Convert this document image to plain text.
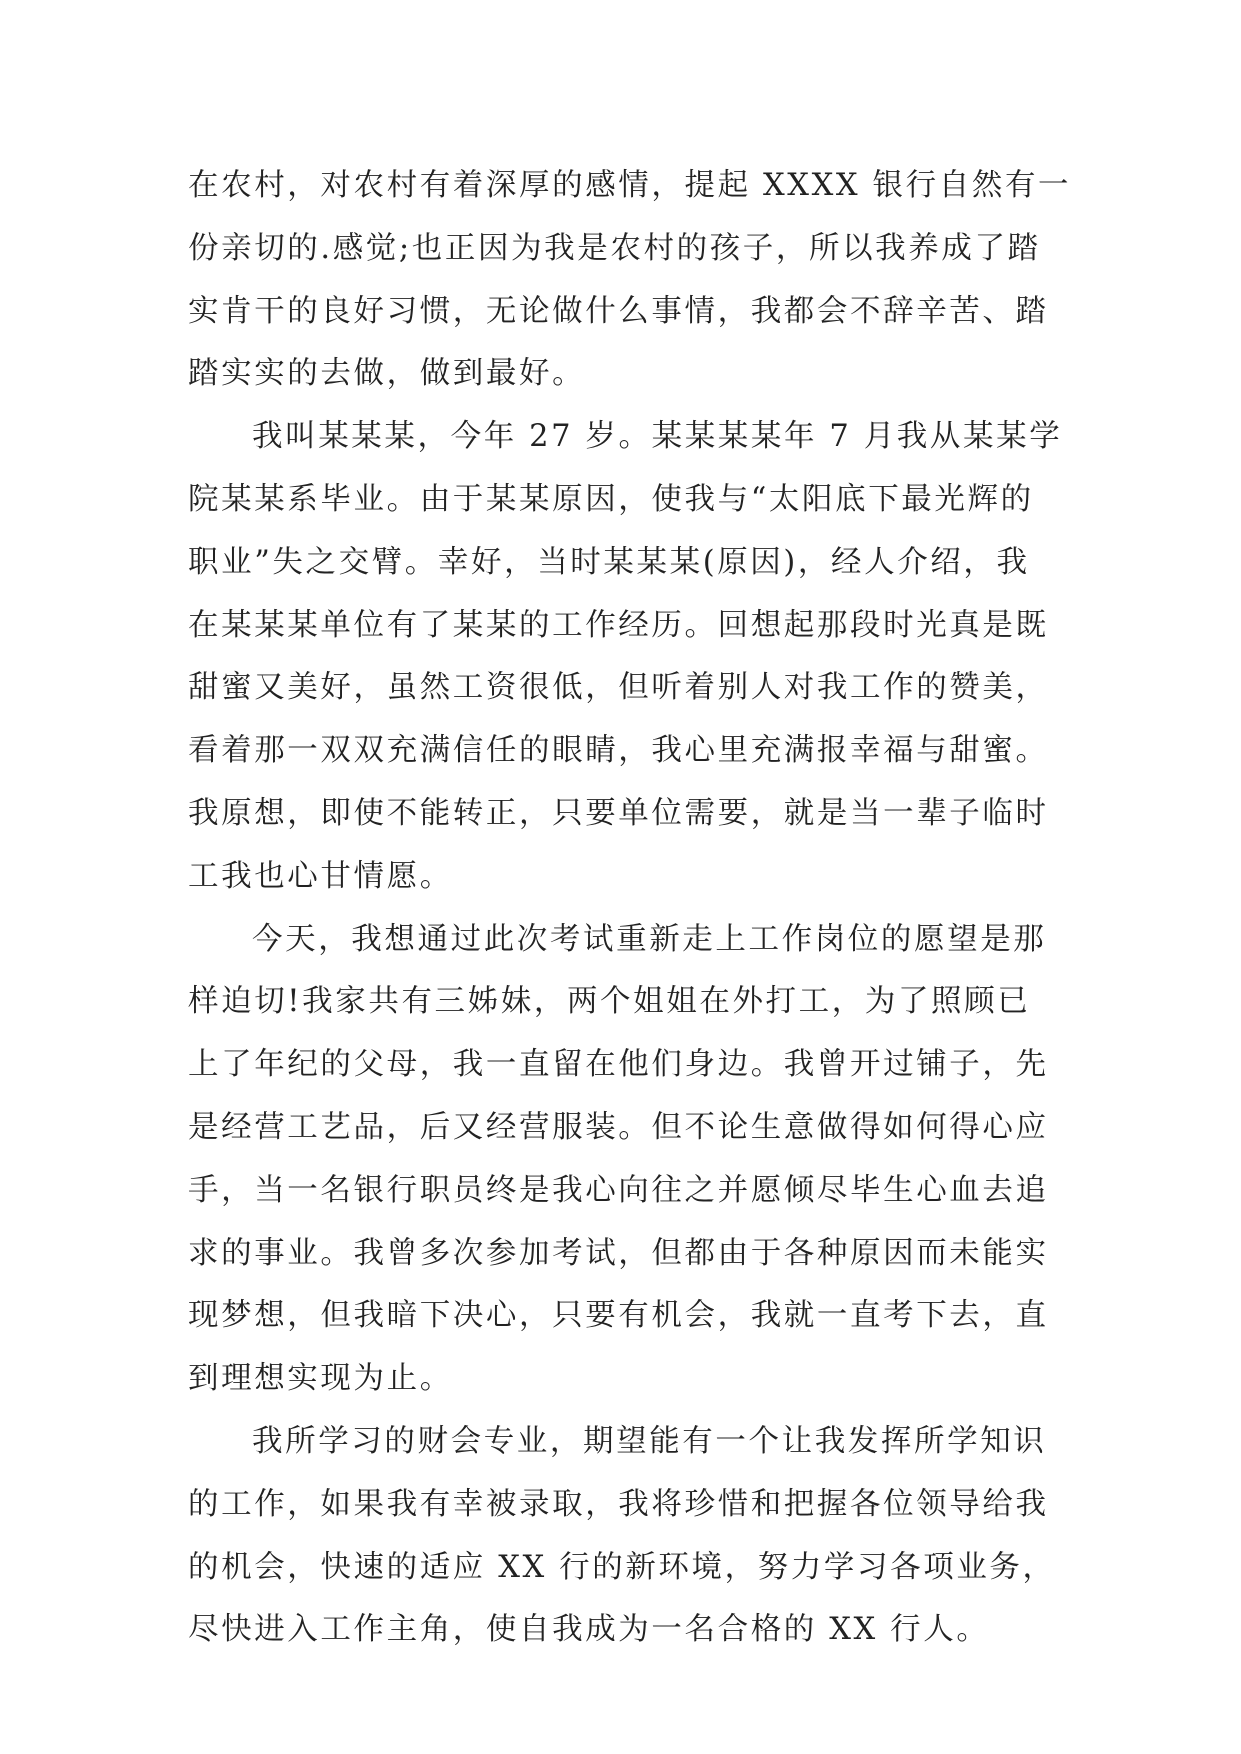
在农村，对农村有着深厚的感情，提起 XXXX 银行自然有一
份亲切的.感觉;也正因为我是农村的孩子，所以我养成了踏
实肯干的良好习惯，无论做什么事情，我都会不辞辛苦、踏
踏实实的去做，做到最好。
我叫某某某，今年 27 岁。某某某某年 7 月我从某某学
院某某系毕业。由于某某原因，使我与“太阳底下最光辉的
职业”失之交臂。幸好，当时某某某(原因)，经人介绍，我
在某某某单位有了某某的工作经历。回想起那段时光真是既
甜蜜又美好，虽然工资很低，但听着别人对我工作的赞美，
看着那一双双充满信任的眼睛，我心里充满报幸福与甜蜜。
我原想，即使不能转正，只要单位需要，就是当一辈子临时
工我也心甘情愿。
今天，我想通过此次考试重新走上工作岗位的愿望是那
样迫切!我家共有三姊妹，两个姐姐在外打工，为了照顾已
上了年纪的父母，我一直留在他们身边。我曾开过铺子，先
是经营工艺品，后又经营服装。但不论生意做得如何得心应
手，当一名银行职员终是我心向往之并愿倾尽毕生心血去追
求的事业。我曾多次参加考试，但都由于各种原因而未能实
现梦想，但我暗下决心，只要有机会，我就一直考下去，直
到理想实现为止。
我所学习的财会专业，期望能有一个让我发挥所学知识
的工作，如果我有幸被录取，我将珍惜和把握各位领导给我
的机会，快速的适应 XX 行的新环境，努力学习各项业务，
尽快进入工作主角，使自我成为一名合格的 XX 行人。
